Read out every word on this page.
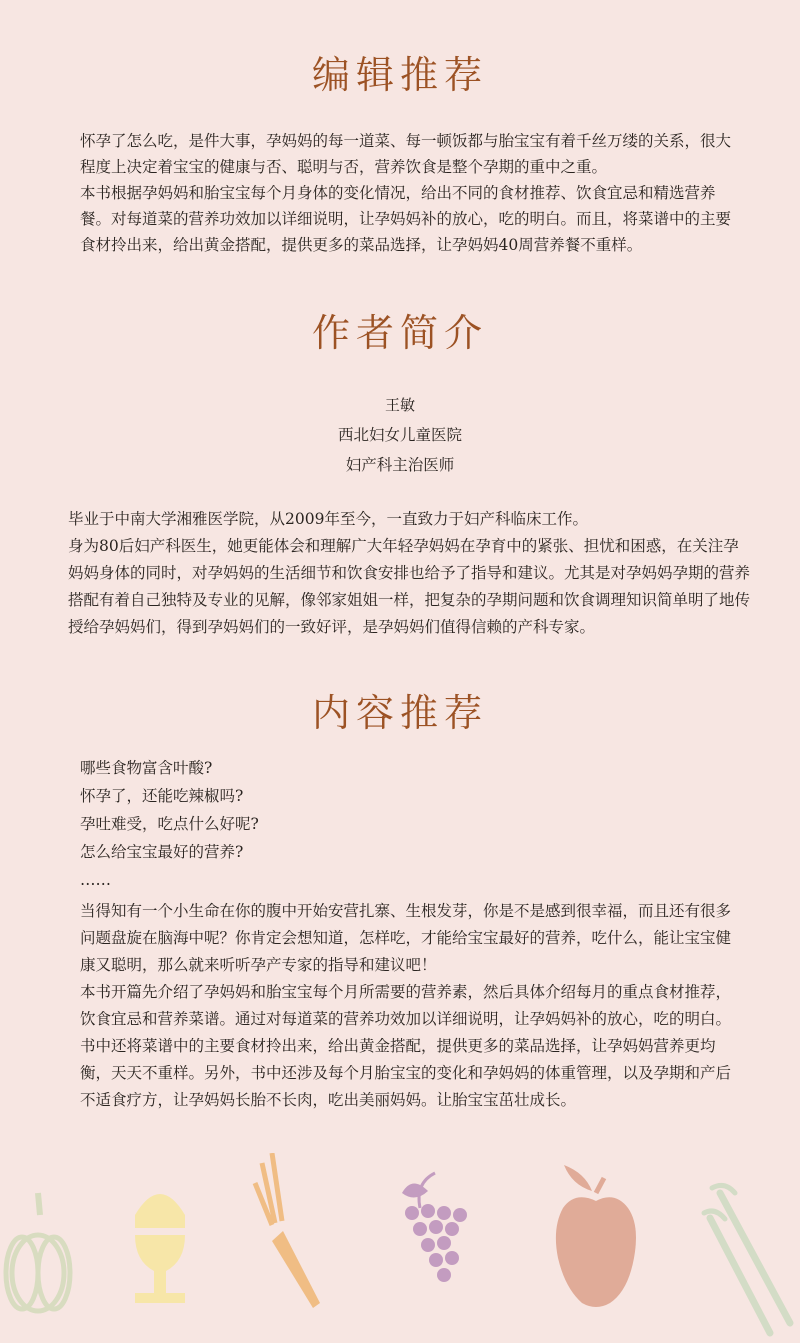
编辑推荐

怀孕了怎么吃，是件大事，孕妈妈的每一道菜、每一顿饭都与胎宝宝有着千丝万缕的关系，很大程度上决定着宝宝的健康与否、聪明与否，营养饮食是整个孕期的重中之重。

本书根据孕妈妈和胎宝宝每个月身体的变化情况，给出不同的食材推荐、饮食宜忌和精选营养餐。对每道菜的营养功效加以详细说明，让孕妈妈补的放心，吃的明白。而且，将菜谱中的主要食材拎出来，给出黄金搭配，提供更多的菜品选择，让孕妈妈40周营养餐不重样。

作者简介
王敏
西北妇女儿童医院
妇产科主治医师

毕业于中南大学湘雅医学院，从2009年至今，一直致力于妇产科临床工作。

身为80后妇产科医生，她更能体会和理解广大年轻孕妈妈在孕育中的紧张、担忧和困惑，在关注孕妈妈身体的同时，对孕妈妈的生活细节和饮食安排也给予了指导和建议。尤其是对孕妈妈孕期的营养搭配有着自己独特及专业的见解，像邻家姐姐一样，把复杂的孕期问题和饮食调理知识简单明了地传授给孕妈妈们，得到孕妈妈们的一致好评，是孕妈妈们值得信赖的产科专家。

内容推荐
哪些食物富含叶酸?
怀孕了，还能吃辣椒吗?
孕吐难受，吃点什么好呢?
怎么给宝宝最好的营养?
……

当得知有一个小生命在你的腹中开始安营扎寨、生根发芽，你是不是感到很幸福，而且还有很多问题盘旋在脑海中呢？你肯定会想知道，怎样吃，才能给宝宝最好的营养，吃什么，能让宝宝健康又聪明，那么就来听听孕产专家的指导和建议吧！

本书开篇先介绍了孕妈妈和胎宝宝每个月所需要的营养素，然后具体介绍每月的重点食材推荐，饮食宜忌和营养菜谱。通过对每道菜的营养功效加以详细说明，让孕妈妈补的放心，吃的明白。书中还将菜谱中的主要食材拎出来，给出黄金搭配，提供更多的菜品选择，让孕妈妈营养更均衡，天天不重样。另外，书中还涉及每个月胎宝宝的变化和孕妈妈的体重管理，以及孕期和产后不适食疗方，让孕妈妈长胎不长肉，吃出美丽妈妈。让胎宝宝茁壮成长。
